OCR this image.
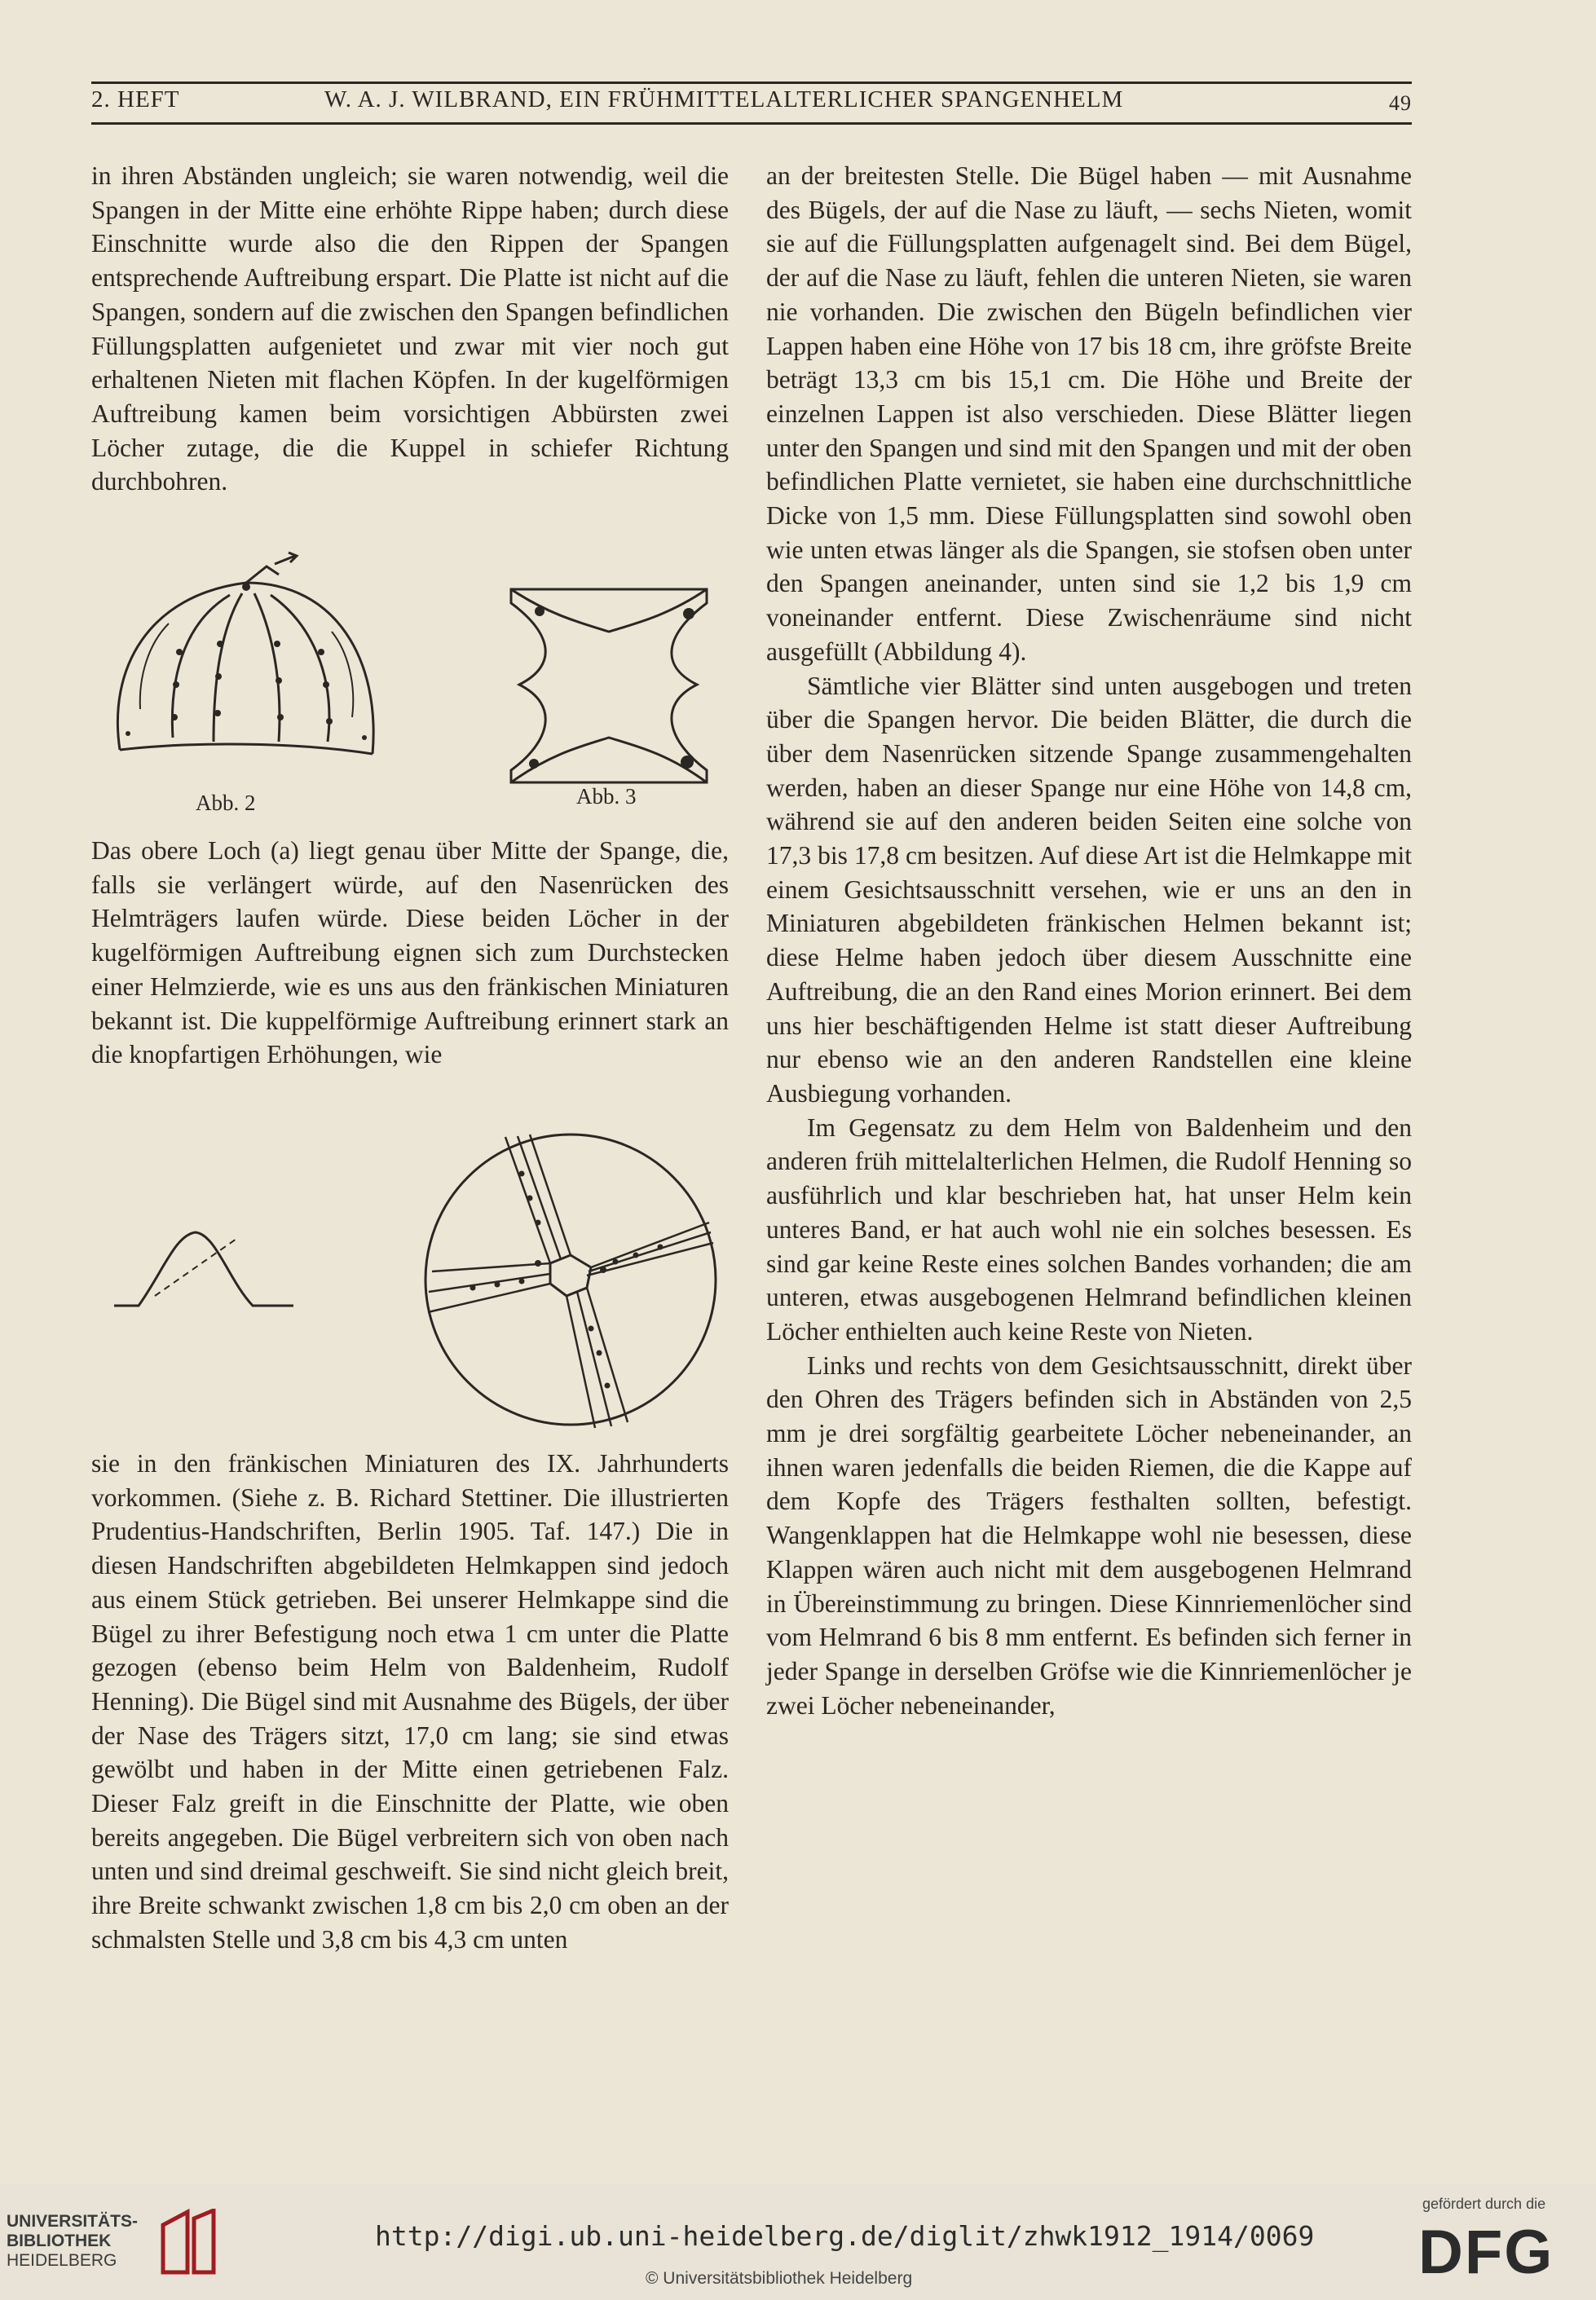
2. HEFT	W. A. J. WILBRAND, EIN FRÜHMITTELALTERLICHER SPANGENHELM	49

in ihren Abständen ungleich; sie waren notwendig, weil die Spangen in der Mitte eine erhöhte Rippe haben; durch diese Einschnitte wurde also die den Rippen der Spangen entsprechende Auftreibung erspart. Die Platte ist nicht auf die Spangen, sondern auf die zwischen den Spangen befindlichen Füllungsplatten aufgenietet und zwar mit vier noch gut erhaltenen Nieten mit flachen Köpfen. In der kugelförmigen Auftreibung kamen beim vorsichtigen Abbürsten zwei Löcher zutage, die die Kuppel in schiefer Richtung durchbohren.

Abb. 2	Abb. 3

Das obere Loch (a) liegt genau über Mitte der Spange, die, falls sie verlängert würde, auf den Nasenrücken des Helmträgers laufen würde. Diese beiden Löcher in der kugelförmigen Auftreibung eignen sich zum Durchstecken einer Helmzierde, wie es uns aus den fränkischen Miniaturen bekannt ist. Die kuppelförmige Auftreibung erinnert stark an die knopfartigen Erhöhungen, wie

sie in den fränkischen Miniaturen des IX. Jahrhunderts vorkommen. (Siehe z. B. Richard Stettiner. Die illustrierten Prudentius-Handschriften, Berlin 1905. Taf. 147.) Die in diesen Handschriften abgebildeten Helmkappen sind jedoch aus einem Stück getrieben. Bei unserer Helmkappe sind die Bügel zu ihrer Befestigung noch etwa 1 cm unter die Platte gezogen (ebenso beim Helm von Baldenheim, Rudolf Henning). Die Bügel sind mit Ausnahme des Bügels, der über der Nase des Trägers sitzt, 17,0 cm lang; sie sind etwas gewölbt und haben in der Mitte einen getriebenen Falz. Dieser Falz greift in die Einschnitte der Platte, wie oben bereits angegeben. Die Bügel verbreitern sich von oben nach unten und sind dreimal geschweift. Sie sind nicht gleich breit, ihre Breite schwankt zwischen 1,8 cm bis 2,0 cm oben an der schmalsten Stelle und 3,8 cm bis 4,3 cm unten

an der breitesten Stelle. Die Bügel haben — mit Ausnahme des Bügels, der auf die Nase zu läuft, — sechs Nieten, womit sie auf die Füllungsplatten aufgenagelt sind. Bei dem Bügel, der auf die Nase zu läuft, fehlen die unteren Nieten, sie waren nie vorhanden. Die zwischen den Bügeln befindlichen vier Lappen haben eine Höhe von 17 bis 18 cm, ihre gröfste Breite beträgt 13,3 cm bis 15,1 cm. Die Höhe und Breite der einzelnen Lappen ist also verschieden. Diese Blätter liegen unter den Spangen und sind mit den Spangen und mit der oben befindlichen Platte vernietet, sie haben eine durchschnittliche Dicke von 1,5 mm. Diese Füllungsplatten sind sowohl oben wie unten etwas länger als die Spangen, sie stofsen oben unter den Spangen aneinander, unten sind sie 1,2 bis 1,9 cm voneinander entfernt. Diese Zwischenräume sind nicht ausgefüllt (Abbildung 4).

Sämtliche vier Blätter sind unten ausgebogen und treten über die Spangen hervor. Die beiden Blätter, die durch die über dem Nasenrücken sitzende Spange zusammengehalten werden, haben an dieser Spange nur eine Höhe von 14,8 cm, während sie auf den anderen beiden Seiten eine solche von 17,3 bis 17,8 cm besitzen. Auf diese Art ist die Helmkappe mit einem Gesichtsausschnitt versehen, wie er uns an den in Miniaturen abgebildeten fränkischen Helmen bekannt ist; diese Helme haben jedoch über diesem Ausschnitte eine Auftreibung, die an den Rand eines Morion erinnert. Bei dem uns hier beschäftigenden Helme ist statt dieser Auftreibung nur ebenso wie an den anderen Randstellen eine kleine Ausbiegung vorhanden.

Im Gegensatz zu dem Helm von Baldenheim und den anderen früh mittelalterlichen Helmen, die Rudolf Henning so ausführlich und klar beschrieben hat, hat unser Helm kein unteres Band, er hat auch wohl nie ein solches besessen. Es sind gar keine Reste eines solchen Bandes vorhanden; die am unteren, etwas ausgebogenen Helmrand befindlichen kleinen Löcher enthielten auch keine Reste von Nieten.

Links und rechts von dem Gesichtsausschnitt, direkt über den Ohren des Trägers befinden sich in Abständen von 2,5 mm je drei sorgfältig gearbeitete Löcher nebeneinander, an ihnen waren jedenfalls die beiden Riemen, die die Kappe auf dem Kopfe des Trägers festhalten sollten, befestigt. Wangenklappen hat die Helmkappe wohl nie besessen, diese Klappen wären auch nicht mit dem ausgebogenen Helmrand in Übereinstimmung zu bringen. Diese Kinnriemenlöcher sind vom Helmrand 6 bis 8 mm entfernt. Es befinden sich ferner in jeder Spange in derselben Gröfse wie die Kinnriemenlöcher je zwei Löcher nebeneinander,

UNIVERSITÄTS-
BIBLIOTHEK
HEIDELBERG
http://digi.ub.uni-heidelberg.de/diglit/zhwk1912_1914/0069
© Universitätsbibliothek Heidelberg
gefördert durch die
DFG
